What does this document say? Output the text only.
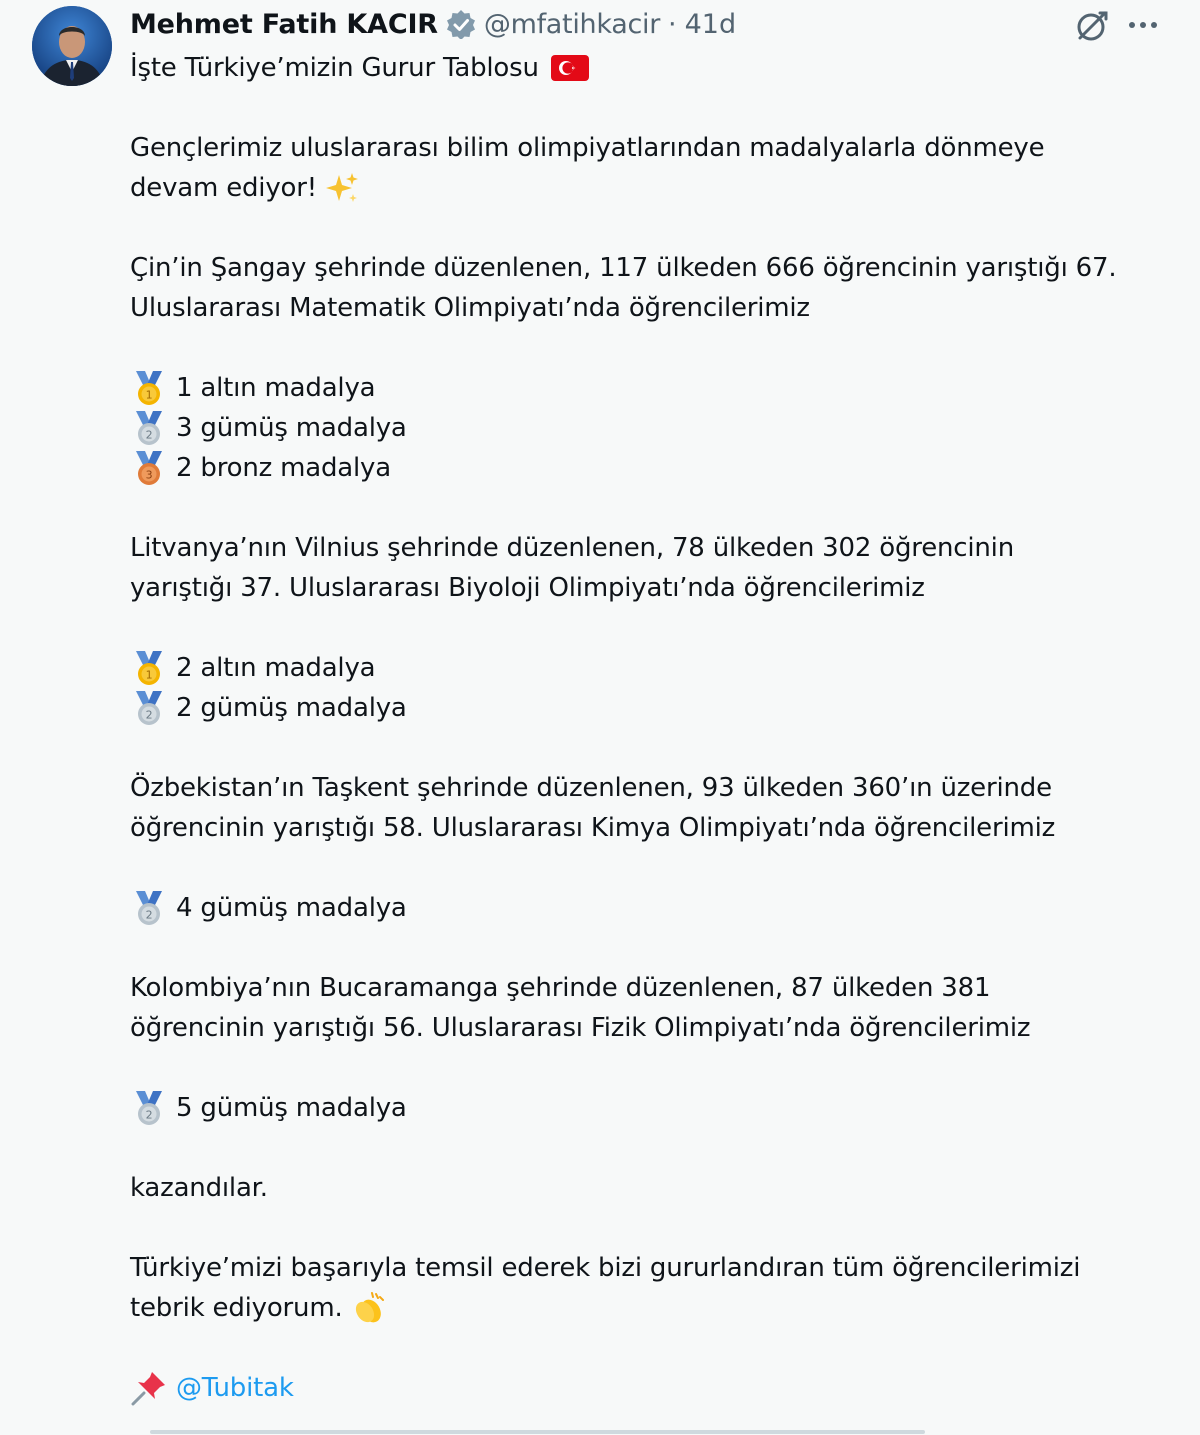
Mehmet Fatih KACIR @mfatihkacir · 41d
İşte Türkiye’mizin Gurur Tablosu
Gençlerimiz uluslararası bilim olimpiyatlarından madalyalarla dönmeye
devam ediyor!
Çin’in Şangay şehrinde düzenlenen, 117 ülkeden 666 öğrencinin yarıştığı 67.
Uluslararası Matematik Olimpiyatı’nda öğrencilerimiz
1 altın madalya
3 gümüş madalya
2 bronz madalya
Litvanya’nın Vilnius şehrinde düzenlenen, 78 ülkeden 302 öğrencinin
yarıştığı 37. Uluslararası Biyoloji Olimpiyatı’nda öğrencilerimiz
2 altın madalya
2 gümüş madalya
Özbekistan’ın Taşkent şehrinde düzenlenen, 93 ülkeden 360’ın üzerinde
öğrencinin yarıştığı 58. Uluslararası Kimya Olimpiyatı’nda öğrencilerimiz
4 gümüş madalya
Kolombiya’nın Bucaramanga şehrinde düzenlenen, 87 ülkeden 381
öğrencinin yarıştığı 56. Uluslararası Fizik Olimpiyatı’nda öğrencilerimiz
5 gümüş madalya
kazandılar.
Türkiye’mizi başarıyla temsil ederek bizi gururlandıran tüm öğrencilerimizi
tebrik ediyorum.
@Tubitak
